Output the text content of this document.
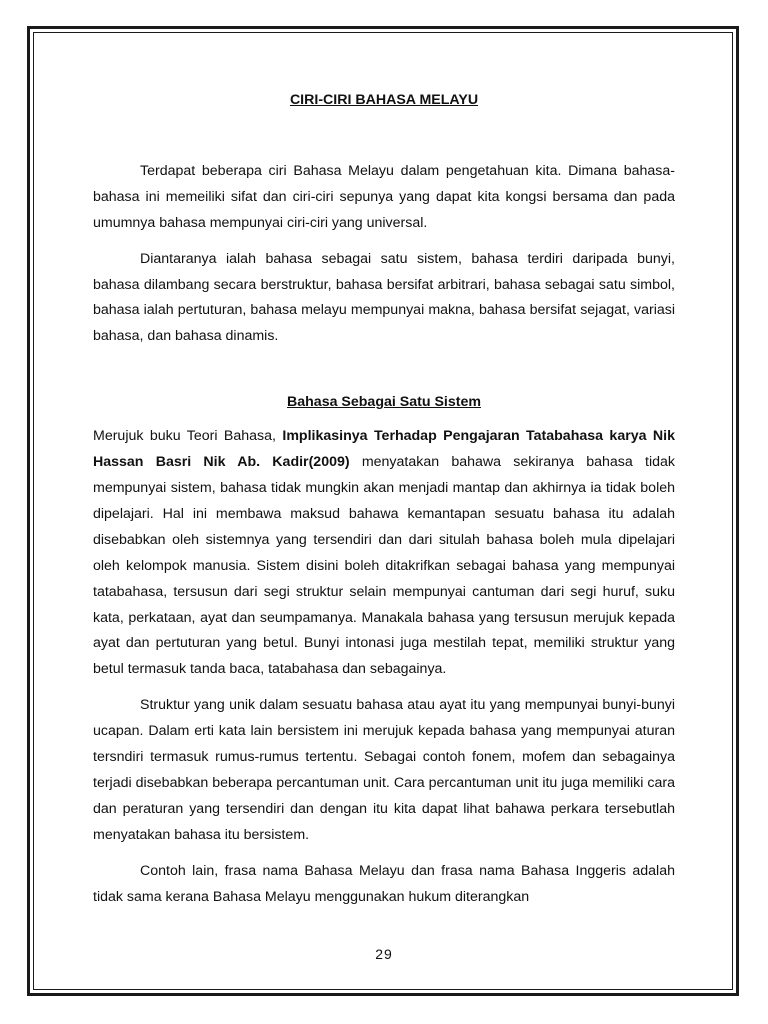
CIRI-CIRI BAHASA MELAYU

Terdapat beberapa ciri Bahasa Melayu dalam pengetahuan kita. Dimana bahasa-bahasa ini memeiliki sifat dan ciri-ciri sepunya yang dapat kita kongsi bersama dan pada umumnya bahasa mempunyai ciri-ciri yang universal.

Diantaranya ialah bahasa sebagai satu sistem, bahasa terdiri daripada bunyi, bahasa dilambang secara berstruktur, bahasa bersifat arbitrari, bahasa sebagai satu simbol, bahasa ialah pertuturan, bahasa melayu mempunyai makna, bahasa bersifat sejagat, variasi bahasa, dan bahasa dinamis.

Bahasa Sebagai Satu Sistem

Merujuk buku Teori Bahasa, Implikasinya Terhadap Pengajaran Tatabahasa karya Nik Hassan Basri Nik Ab. Kadir(2009) menyatakan bahawa sekiranya bahasa tidak mempunyai sistem, bahasa tidak mungkin akan menjadi mantap dan akhirnya ia tidak boleh dipelajari. Hal ini membawa maksud bahawa kemantapan sesuatu bahasa itu adalah disebabkan oleh sistemnya yang tersendiri dan dari situlah bahasa boleh mula dipelajari oleh kelompok manusia. Sistem disini boleh ditakrifkan sebagai bahasa yang mempunyai tatabahasa, tersusun dari segi struktur selain mempunyai cantuman dari segi huruf, suku kata, perkataan, ayat dan seumpamanya. Manakala bahasa yang tersusun merujuk kepada ayat dan pertuturan yang betul. Bunyi intonasi juga mestilah tepat, memiliki struktur yang betul termasuk tanda baca, tatabahasa dan sebagainya.

Struktur yang unik dalam sesuatu bahasa atau ayat itu yang mempunyai bunyi-bunyi ucapan. Dalam erti kata lain bersistem ini merujuk kepada bahasa yang mempunyai aturan tersndiri termasuk rumus-rumus tertentu. Sebagai contoh fonem, mofem dan sebagainya terjadi disebabkan beberapa percantuman unit. Cara percantuman unit itu juga memiliki cara dan peraturan yang tersendiri dan dengan itu kita dapat lihat bahawa perkara tersebutlah menyatakan bahasa itu bersistem.

Contoh lain, frasa nama Bahasa Melayu dan frasa nama Bahasa Inggeris adalah tidak sama kerana Bahasa Melayu menggunakan hukum diterangkan

29
